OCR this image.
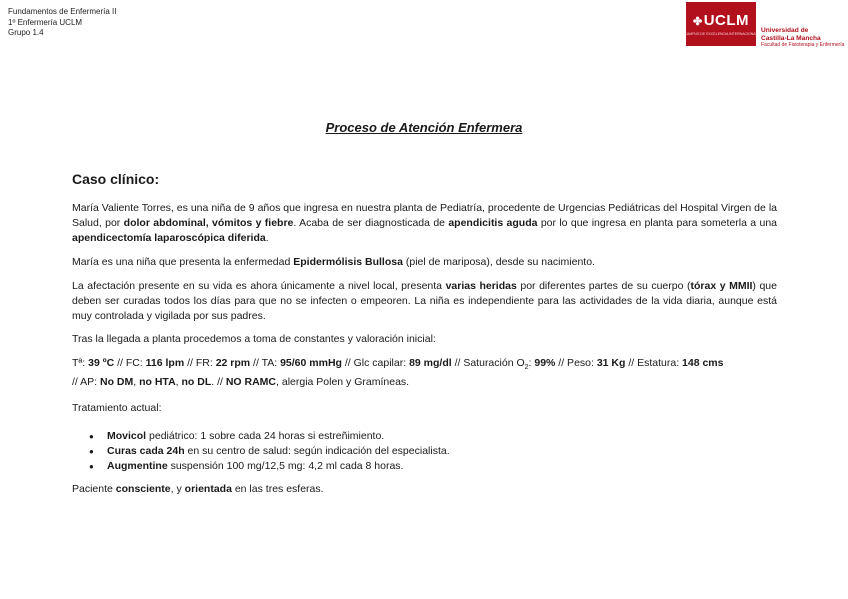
Fundamentos de Enfermería II
1º Enfermería UCLM
Grupo 1.4
✤UCLM
CAMPUS DE EXCELENCIA INTERNACIONAL Universidad de
Castilla-La Mancha
Facultad de Fisioterapia y Enfermería
Proceso de Atención Enfermera
Caso clínico:

María Valiente Torres, es una niña de 9 años que ingresa en nuestra planta de Pediatría, procedente de Urgencias Pediátricas del Hospital Virgen de la Salud, por dolor abdominal, vómitos y fiebre. Acaba de ser diagnosticada de apendicitis aguda por lo que ingresa en planta para someterla a una apendicectomía laparoscópica diferida.

María es una niña que presenta la enfermedad Epidermólisis Bullosa (piel de mariposa), desde su nacimiento.

La afectación presente en su vida es ahora únicamente a nivel local, presenta varias heridas por diferentes partes de su cuerpo (tórax y MMII) que deben ser curadas todos los días para que no se infecten o empeoren. La niña es independiente para las actividades de la vida diaria, aunque está muy controlada y vigilada por sus padres.

Tras la llegada a planta procedemos a toma de constantes y valoración inicial:

Tª: 39 ºC // FC: 116 lpm // FR: 22 rpm // TA: 95/60 mmHg // Glc capilar: 89 mg/dl // Saturación $O_2$: 99% // Peso: 31 Kg // Estatura: 148 cms
// AP: No DM, no HTA, no DL. // NO RAMC, alergia Polen y Gramíneas.

Tratamiento actual:

● Movicol pediátrico: 1 sobre cada 24 horas si estreñimiento.
● Curas cada 24h en su centro de salud: según indicación del especialista.
● Augmentine suspensión 100 mg/12,5 mg: 4,2 ml cada 8 horas.

Paciente consciente, y orientada en las tres esferas.
